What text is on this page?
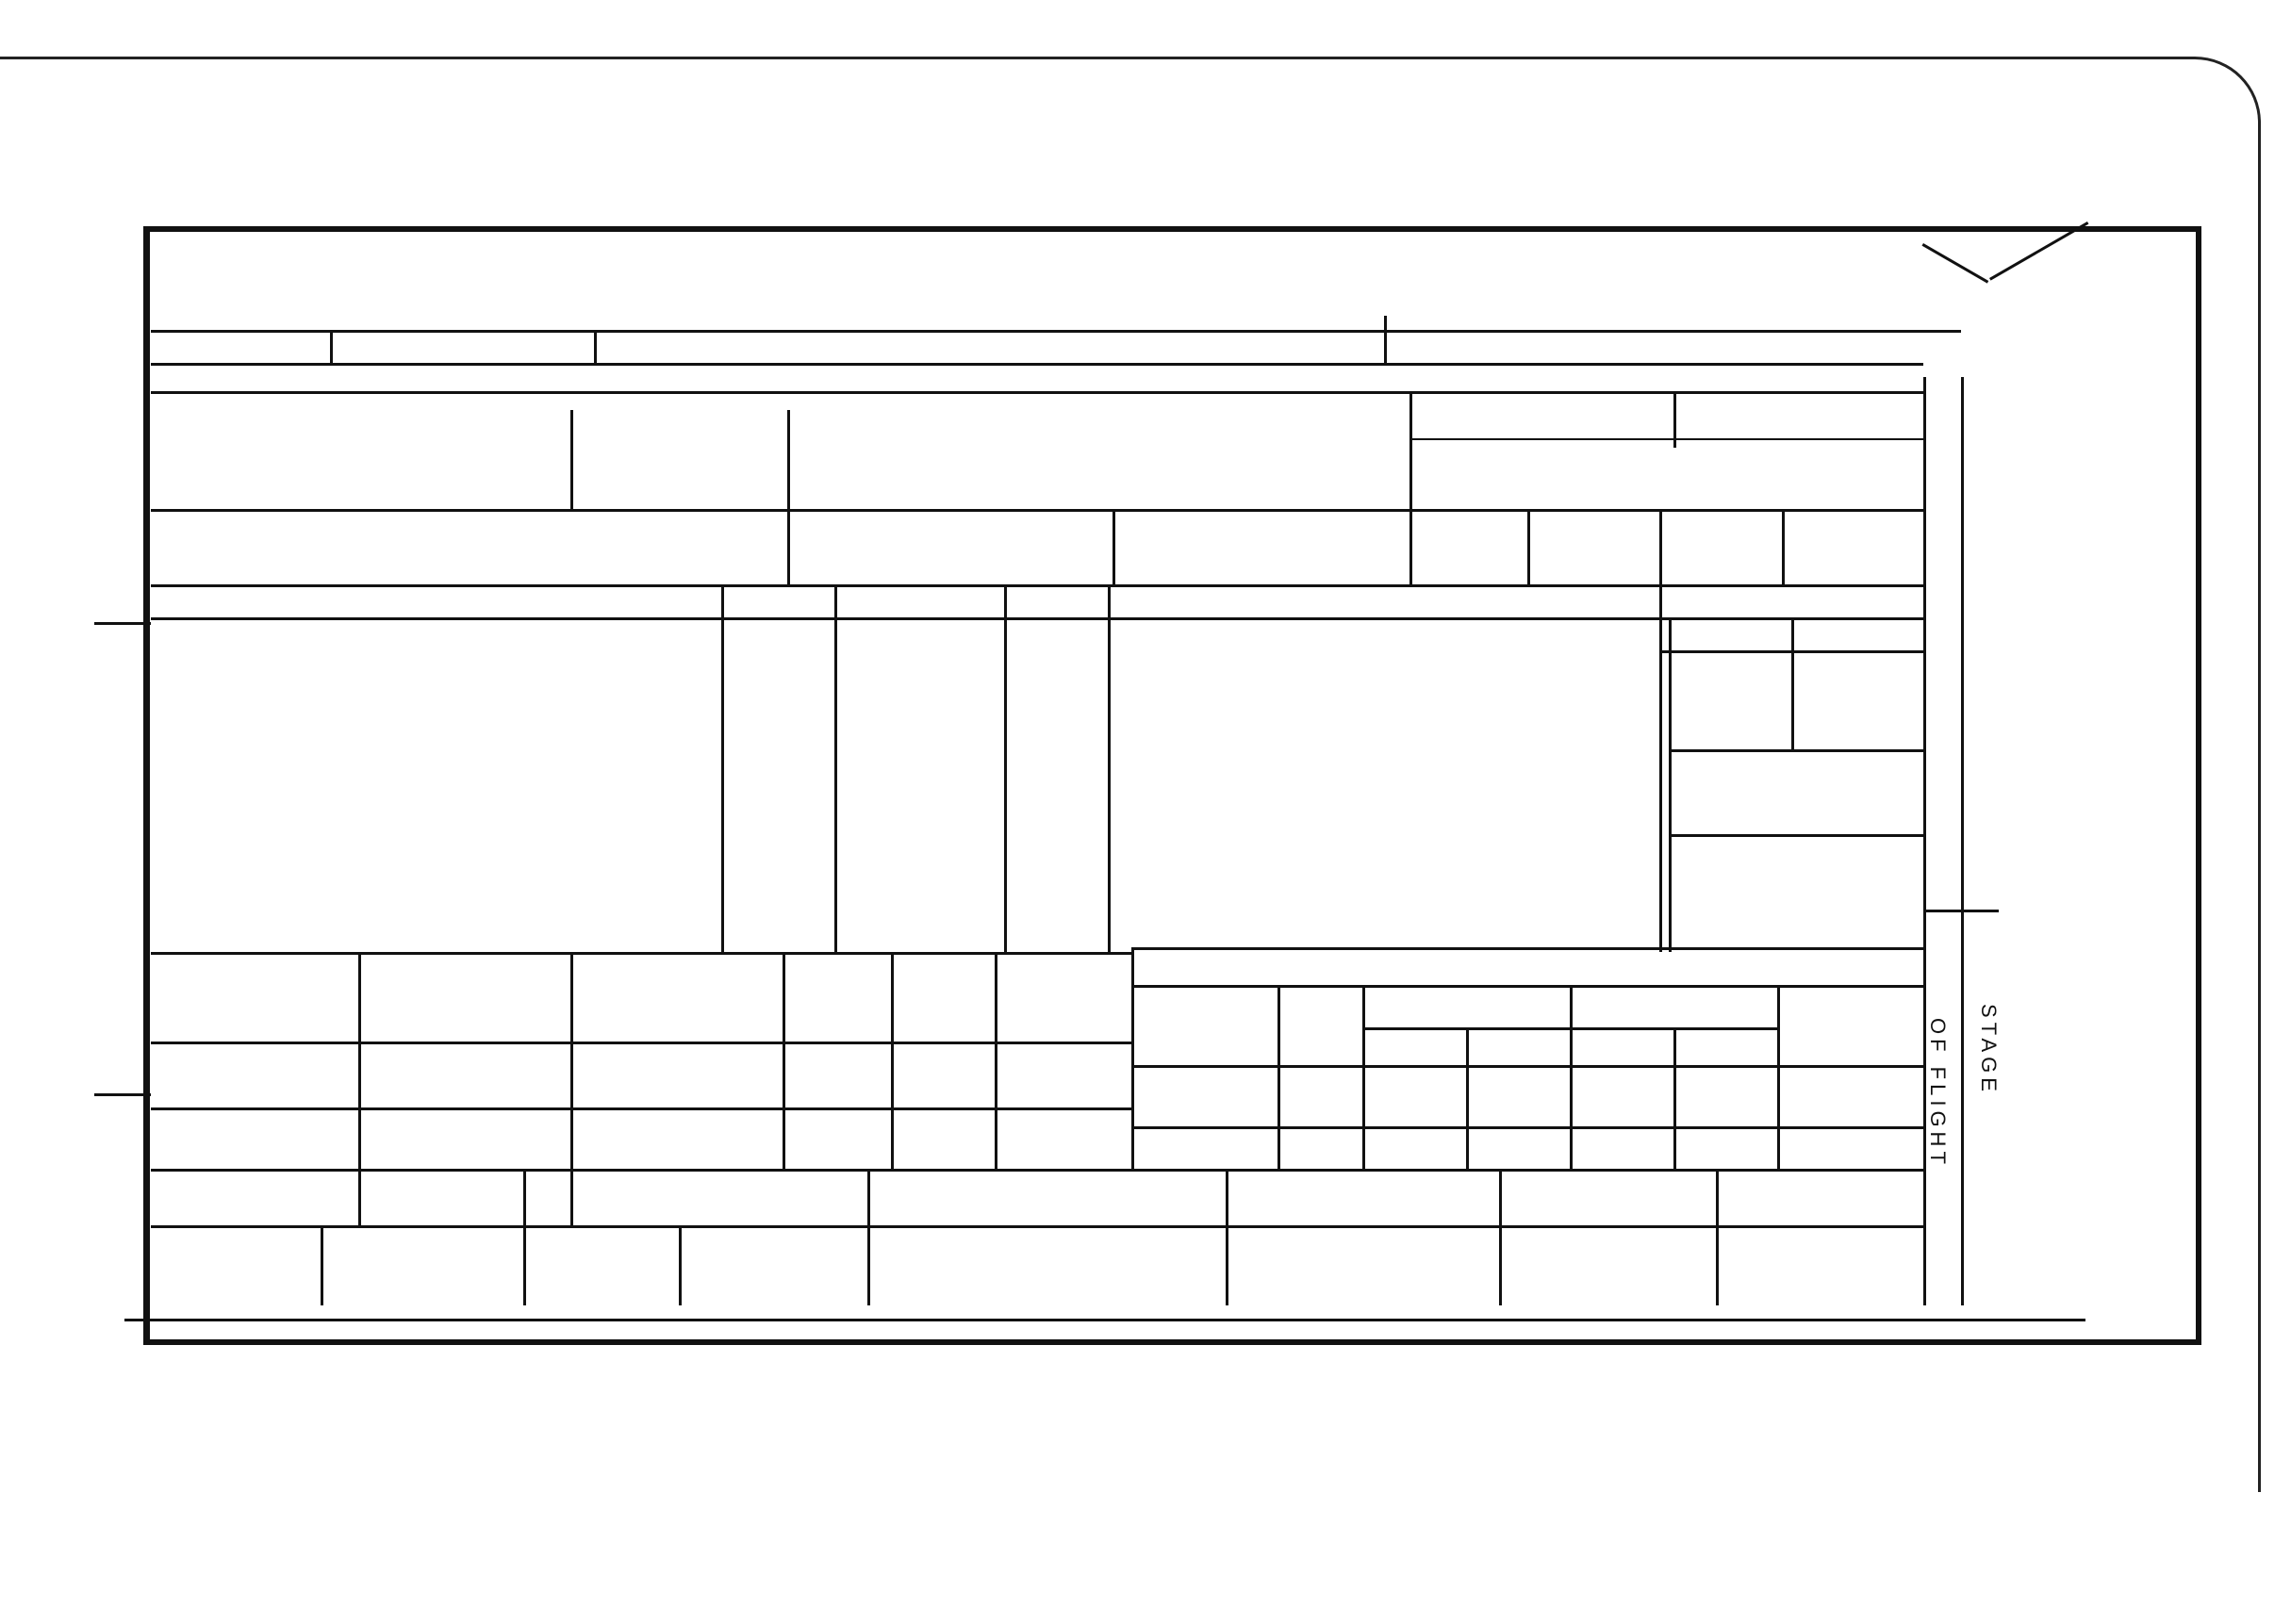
STAGE
OF FLIGHT
